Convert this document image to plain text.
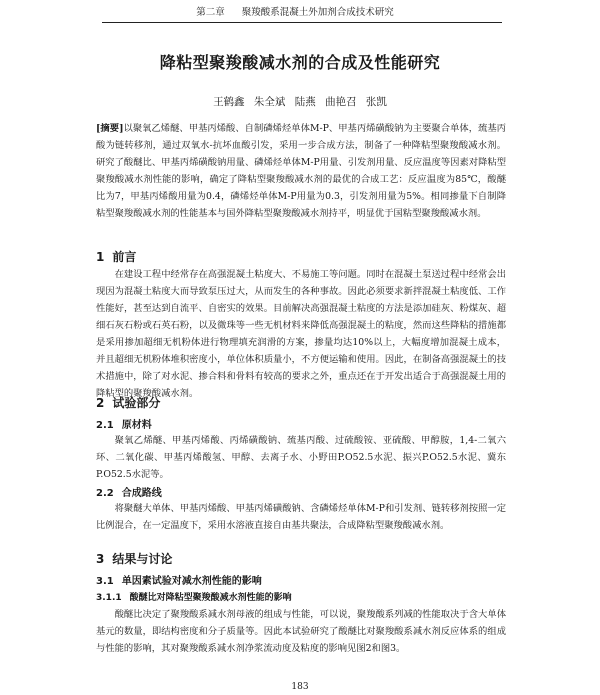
第二章 聚羧酸系混凝土外加剂合成技术研究
降粘型聚羧酸减水剂的合成及性能研究
王鹤鑫 朱全斌 陆燕 曲艳召 张凯

[摘要]以聚氧乙烯醚、甲基丙烯酸、自制磷烯烃单体M-P、甲基丙烯磺酸钠为主要聚合单体，巯基丙酸为链转移剂，通过双氧水-抗坏血酸引发，采用一步合成方法，制备了一种降粘型聚羧酸减水剂。研究了酸醚比、甲基丙烯磺酸钠用量、磷烯烃单体M-P用量、引发剂用量、反应温度等因素对降粘型聚羧酸减水剂性能的影响，确定了降粘型聚羧酸减水剂的最优的合成工艺：反应温度为85℃，酸醚比为7，甲基丙烯酸用量为0.4，磷烯烃单体M-P用量为0.3，引发剂用量为5%。相同掺量下自制降粘型聚羧酸减水剂的性能基本与国外降粘型聚羧酸减水剂持平，明显优于国粘型聚羧酸减水剂。

1 前言

在建设工程中经常存在高强混凝土粘度大、不易施工等问题。同时在混凝土泵送过程中经常会出现因为混凝土粘度大而导致泵压过大，从而发生的各种事故。因此必须要求新拌混凝土粘度低、工作性能好，甚至达到自流平、自密实的效果。目前解决高强混凝土粘度的方法是添加硅灰、粉煤灰、超细石灰石粉或石英石粉，以及微珠等一些无机材料来降低高强混凝土的粘度，然而这些降粘的措施都是采用掺加超细无机粉体进行物理填充润滑的方案，掺量均达10%以上，大幅度增加混凝土成本，并且超细无机粉体堆积密度小，单位体积质量小，不方便运输和使用。因此，在制备高强混凝土的技术措施中，除了对水泥、掺合料和骨料有较高的要求之外，重点还在于开发出适合于高强混凝土用的降粘型的聚羧酸减水剂。

2 试验部分
2.1 原材料

聚氧乙烯醚、甲基丙烯酸、丙烯磺酸钠、巯基丙酸、过硫酸铵、亚硫酸、甲醇胺，1,4-二氧六环、二氧化碳、甲基丙烯酸氢、甲醇、去离子水、小野田P.O52.5水泥、振兴P.O52.5水泥、冀东P.O52.5水泥等。

2.2 合成路线

将聚醚大单体、甲基丙烯酸、甲基丙烯磺酸钠、含磷烯烃单体M-P和引发剂、链转移剂按照一定比例混合，在一定温度下，采用水溶液直接自由基共聚法，合成降粘型聚羧酸减水剂。

3 结果与讨论
3.1 单因素试验对减水剂性能的影响
3.1.1 酸醚比对降粘型聚羧酸减水剂性能的影响

酸醚比决定了聚羧酸系减水剂母液的组成与性能，可以说，聚羧酸系列减的性能取决于含大单体基元的数量，即结构密度和分子质量等。因此本试验研究了酸醚比对聚羧酸系减水剂反应体系的组成与性能的影响，其对聚羧酸系减水剂净浆流动度及粘度的影响见图2和图3。

183
